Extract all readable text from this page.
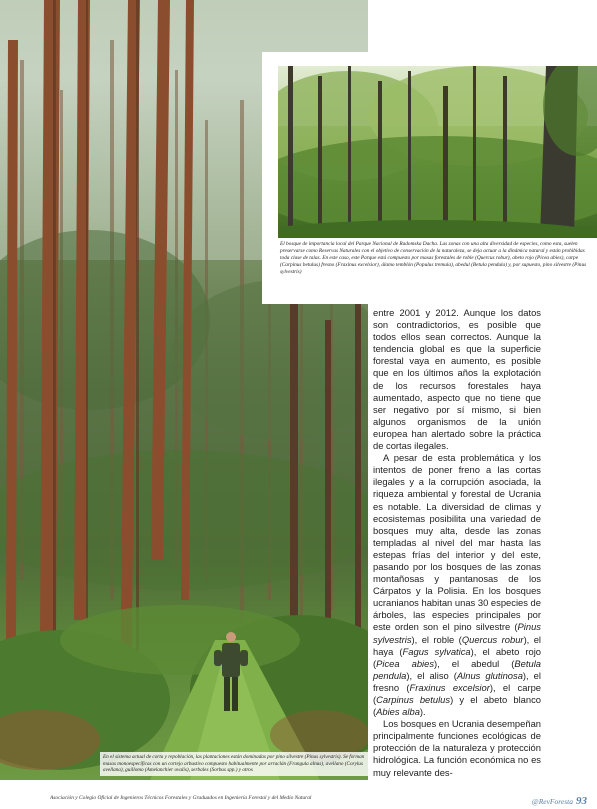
El bosque de importancia local del Parque Nacional de Radomska Dacha. Las zonas con una alta diversidad de especies, como esta, suelen preservarse como Reservas Naturales con el objetivo de conservación de la naturaleza, se deja actuar a la dinámica natural y están prohibidas toda clase de talas. En este caso, este Parque está compuesto por masas forestales de roble (Quercus robur), abeto rojo (Picea abies), carpe (Carpinus betulus) fresno (Fraxinus excelsior), álamo temblón (Populus tremula), abedul (Betula pendula) y, por supuesto, pino silvestre (Pinus sylvestris)

En el sistema actual de corta y repoblación, las plantaciones están dominadas por pino silvestre (Pinus sylvestris). Se forman masas monoespecíficas con un cortejo arbustivo compuesto habitualmente por arraclán (Frangula alnus), avellano (Corylus avellana), guillomo (Amelanchier ovalis), serbales (Sorbus spp.) y otros

entre 2001 y 2012. Aunque los datos son contradictorios, es posible que todos ellos sean correctos. Aunque la tendencia global es que la superficie forestal vaya en aumento, es posible que en los últimos años la explotación de los recursos forestales haya aumentado, aspecto que no tiene que ser negativo por sí mismo, si bien algunos organismos de la unión europea han alertado sobre la práctica de cortas ilegales.

A pesar de esta problemática y los intentos de poner freno a las cortas ilegales y a la corrupción asociada, la riqueza ambiental y forestal de Ucrania es notable. La diversidad de climas y ecosistemas posibilita una variedad de bosques muy alta, desde las zonas templadas al nivel del mar hasta las estepas frías del interior y del este, pasando por los bosques de las zonas montañosas y pantanosas de los Cárpatos y la Polisia. En los bosques ucranianos habitan unas 30 especies de árboles, las especies principales por este orden son el pino silvestre (Pinus sylvestris), el roble (Quercus robur), el haya (Fagus sylvatica), el abeto rojo (Picea abies), el abedul (Betula pendula), el aliso (Alnus glutinosa), el fresno (Fraxinus excelsior), el carpe (Carpinus betulus) y el abeto blanco (Abies alba).

Los bosques en Ucrania desempeñan principalmente funciones ecológicas de protección de la naturaleza y protección hidrológica. La función económica no es muy relevante des-

Asociación y Colegio Oficial de Ingenieros Técnicos Forestales y Graduados en Ingeniería Forestal y del Medio Natural	@RevForesta 93
